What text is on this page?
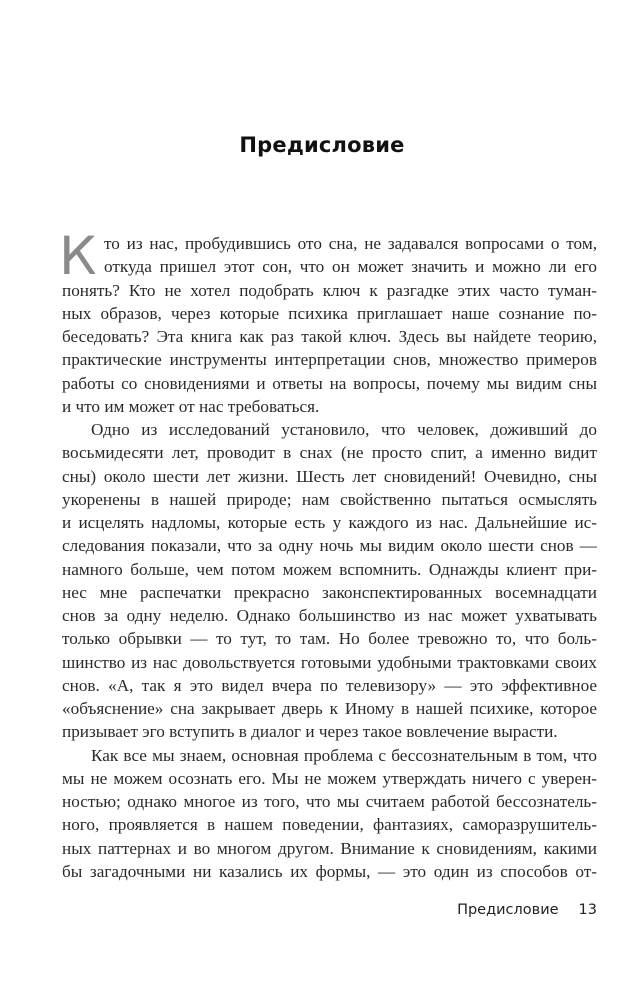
Предисловие
К то из нас, пробудившись ото сна, не задавался вопросами о том,
откуда пришел этот сон, что он может значить и можно ли его
понять? Кто не хотел подобрать ключ к разгадке этих часто туман-
ных образов, через которые психика приглашает наше сознание по-
беседовать? Эта книга как раз такой ключ. Здесь вы найдете теорию,
практические инструменты интерпретации снов, множество примеров
работы со сновидениями и ответы на вопросы, почему мы видим сны
и что им может от нас требоваться.
Одно из исследований установило, что человек, доживший до
восьмидесяти лет, проводит в снах (не просто спит, а именно видит
сны) около шести лет жизни. Шесть лет сновидений! Очевидно, сны
укоренены в нашей природе; нам свойственно пытаться осмыслять
и исцелять надломы, которые есть у каждого из нас. Дальнейшие ис-
следования показали, что за одну ночь мы видим около шести снов —
намного больше, чем потом можем вспомнить. Однажды клиент при-
нес мне распечатки прекрасно законспектированных восемнадцати
снов за одну неделю. Однако большинство из нас может ухватывать
только обрывки — то тут, то там. Но более тревожно то, что боль-
шинство из нас довольствуется готовыми удобными трактовками своих
снов. «А, так я это видел вчера по телевизору» — это эффективное
«объяснение» сна закрывает дверь к Иному в нашей психике, которое
призывает эго вступить в диалог и через такое вовлечение вырасти.
Как все мы знаем, основная проблема с бессознательным в том, что
мы не можем осознать его. Мы не можем утверждать ничего с уверен-
ностью; однако многое из того, что мы считаем работой бессознатель-
ного, проявляется в нашем поведении, фантазиях, саморазрушитель-
ных паттернах и во многом другом. Внимание к сновидениям, какими
бы загадочными ни казались их формы, — это один из способов от-
Предисловие 13
